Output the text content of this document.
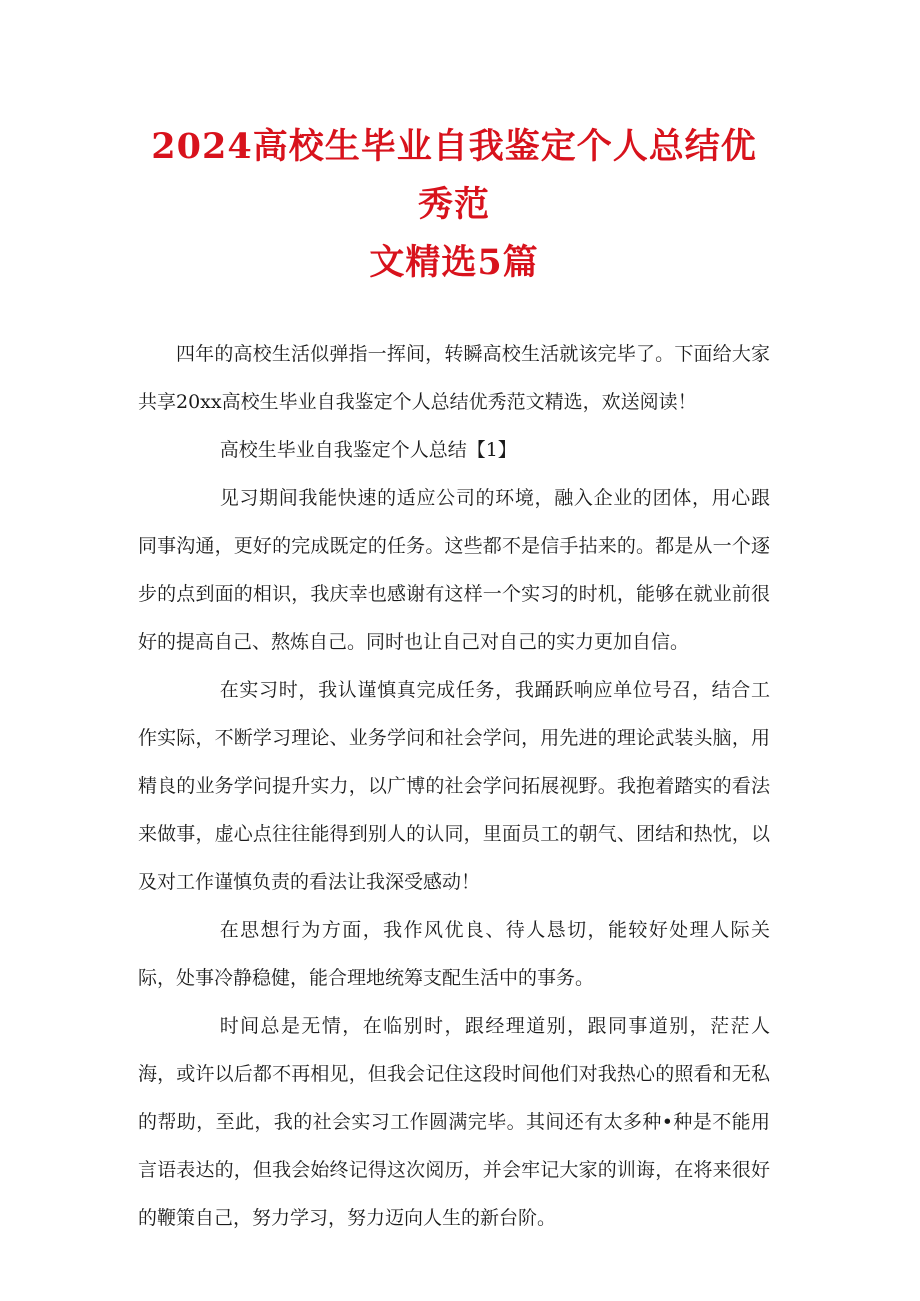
2024高校生毕业自我鉴定个人总结优秀范
文精选5篇

四年的高校生活似弹指一挥间，转瞬高校生活就该完毕了。下面给大家共享20xx高校生毕业自我鉴定个人总结优秀范文精选，欢送阅读！

高校生毕业自我鉴定个人总结【1】

见习期间我能快速的适应公司的环境，融入企业的团体，用心跟同事沟通，更好的完成既定的任务。这些都不是信手拈来的。都是从一个逐步的点到面的相识，我庆幸也感谢有这样一个实习的时机，能够在就业前很好的提高自己、熬炼自己。同时也让自己对自己的实力更加自信。

在实习时，我认谨慎真完成任务，我踊跃响应单位号召，结合工作实际，不断学习理论、业务学问和社会学问，用先进的理论武装头脑，用精良的业务学问提升实力，以广博的社会学问拓展视野。我抱着踏实的看法来做事，虚心点往往能得到别人的认同，里面员工的朝气、团结和热忱，以及对工作谨慎负责的看法让我深受感动！

在思想行为方面，我作风优良、待人恳切，能较好处理人际关际，处事冷静稳健，能合理地统筹支配生活中的事务。

时间总是无情，在临别时，跟经理道别，跟同事道别，茫茫人海，或许以后都不再相见，但我会记住这段时间他们对我热心的照看和无私的帮助，至此，我的社会实习工作圆满完毕。其间还有太多种•种是不能用言语表达的，但我会始终记得这次阅历，并会牢记大家的训诲，在将来很好的鞭策自己，努力学习，努力迈向人生的新台阶。
